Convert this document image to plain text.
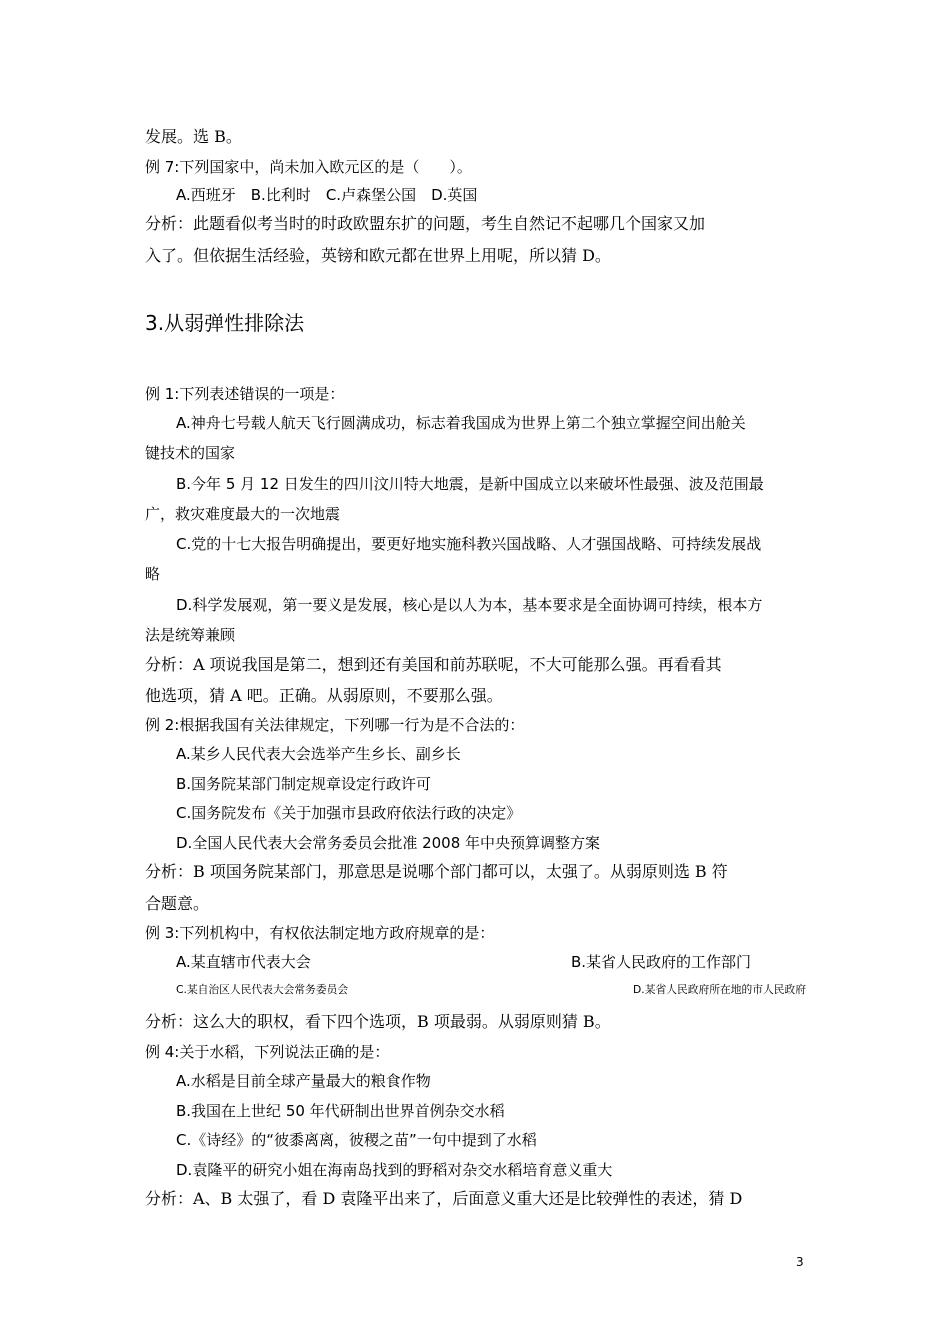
发展。选 B。
例 7:下列国家中，尚未加入欧元区的是（　　）。
A.西班牙　B.比利时　C.卢森堡公国　D.英国
分析：此题看似考当时的时政欧盟东扩的问题，考生自然记不起哪几个国家又加
入了。但依据生活经验，英镑和欧元都在世界上用呢，所以猜 D。
3.从弱弹性排除法
例 1:下列表述错误的一项是：
A.神舟七号载人航天飞行圆满成功，标志着我国成为世界上第二个独立掌握空间出舱关
键技术的国家
B.今年 5 月 12 日发生的四川汶川特大地震，是新中国成立以来破坏性最强、波及范围最
广，救灾难度最大的一次地震
C.党的十七大报告明确提出，要更好地实施科教兴国战略、人才强国战略、可持续发展战
略
D.科学发展观，第一要义是发展，核心是以人为本，基本要求是全面协调可持续，根本方
法是统筹兼顾
分析：A 项说我国是第二，想到还有美国和前苏联呢，不大可能那么强。再看看其
他选项，猜 A 吧。正确。从弱原则，不要那么强。
例 2:根据我国有关法律规定，下列哪一行为是不合法的：
A.某乡人民代表大会选举产生乡长、副乡长
B.国务院某部门制定规章设定行政许可
C.国务院发布《关于加强市县政府依法行政的决定》
D.全国人民代表大会常务委员会批准 2008 年中央预算调整方案
分析：B 项国务院某部门，那意思是说哪个部门都可以，太强了。从弱原则选 B 符
合题意。
例 3:下列机构中，有权依法制定地方政府规章的是：
A.某直辖市代表大会	B.某省人民政府的工作部门
C.某自治区人民代表大会常务委员会	D.某省人民政府所在地的市人民政府
分析：这么大的职权，看下四个选项，B 项最弱。从弱原则猜 B。
例 4:关于水稻，下列说法正确的是：
A.水稻是目前全球产量最大的粮食作物
B.我国在上世纪 50 年代研制出世界首例杂交水稻
C.《诗经》的“彼黍离离，彼稷之苗”一句中提到了水稻
D.袁隆平的研究小姐在海南岛找到的野稻对杂交水稻培育意义重大
分析：A、B 太强了，看 D 袁隆平出来了，后面意义重大还是比较弹性的表述，猜 D
3
